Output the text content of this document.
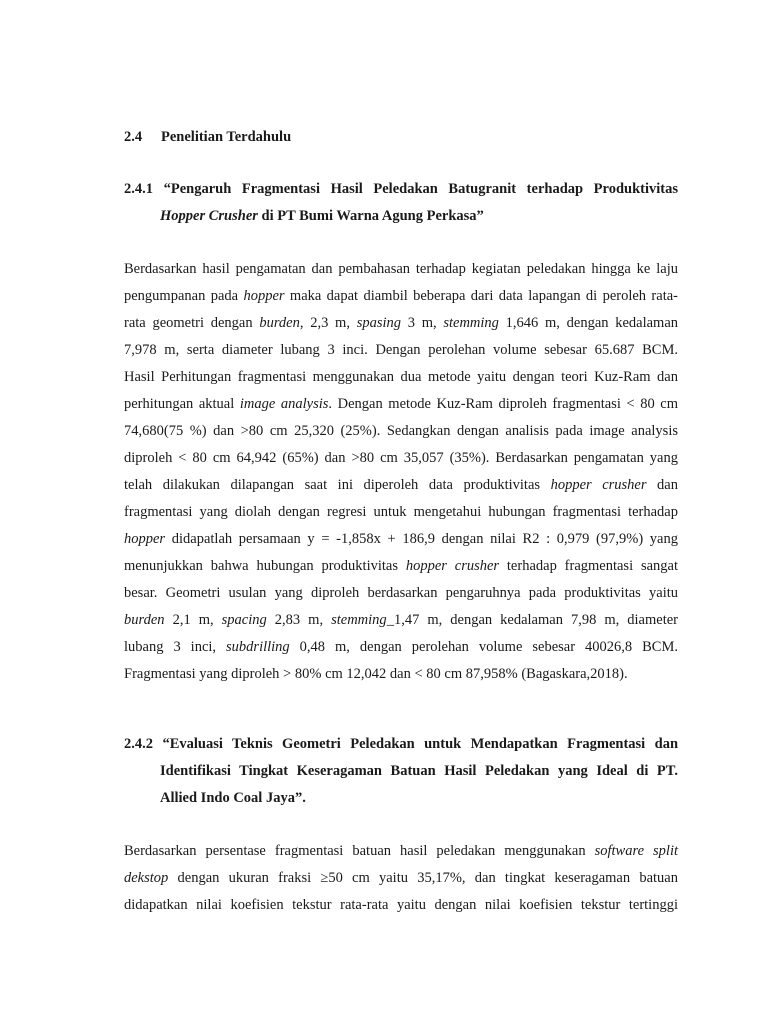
2.4 Penelitian Terdahulu
2.4.1 “Pengaruh Fragmentasi Hasil Peledakan Batugranit terhadap Produktivitas
Hopper Crusher di PT Bumi Warna Agung Perkasa”
Berdasarkan hasil pengamatan dan pembahasan terhadap kegiatan peledakan hingga ke laju
pengumpanan pada hopper maka dapat diambil beberapa dari data lapangan di peroleh rata-
rata geometri dengan burden, 2,3 m, spasing 3 m, stemming 1,646 m, dengan kedalaman
7,978 m, serta diameter lubang 3 inci. Dengan perolehan volume sebesar 65.687 BCM.
Hasil Perhitungan fragmentasi menggunakan dua metode yaitu dengan teori Kuz-Ram dan
perhitungan aktual image analysis. Dengan metode Kuz-Ram diproleh fragmentasi < 80 cm
74,680(75 %) dan >80 cm 25,320 (25%). Sedangkan dengan analisis pada image analysis
diproleh < 80 cm 64,942 (65%) dan >80 cm 35,057 (35%). Berdasarkan pengamatan yang
telah dilakukan dilapangan saat ini diperoleh data produktivitas hopper crusher dan
fragmentasi yang diolah dengan regresi untuk mengetahui hubungan fragmentasi terhadap
hopper didapatlah persamaan y = -1,858x + 186,9 dengan nilai R2 : 0,979 (97,9%) yang
menunjukkan bahwa hubungan produktivitas hopper crusher terhadap fragmentasi sangat
besar. Geometri usulan yang diproleh berdasarkan pengaruhnya pada produktivitas yaitu
burden 2,1 m, spacing 2,83 m, stemming_1,47 m, dengan kedalaman 7,98 m, diameter
lubang 3 inci, subdrilling 0,48 m, dengan perolehan volume sebesar 40026,8 BCM.
Fragmentasi yang diproleh > 80% cm 12,042 dan < 80 cm 87,958% (Bagaskara,2018).
2.4.2 “Evaluasi Teknis Geometri Peledakan untuk Mendapatkan Fragmentasi dan
Identifikasi Tingkat Keseragaman Batuan Hasil Peledakan yang Ideal di PT.
Allied Indo Coal Jaya”.
Berdasarkan persentase fragmentasi batuan hasil peledakan menggunakan software split
dekstop dengan ukuran fraksi ≥50 cm yaitu 35,17%, dan tingkat keseragaman batuan
didapatkan nilai koefisien tekstur rata-rata yaitu dengan nilai koefisien tekstur tertinggi
